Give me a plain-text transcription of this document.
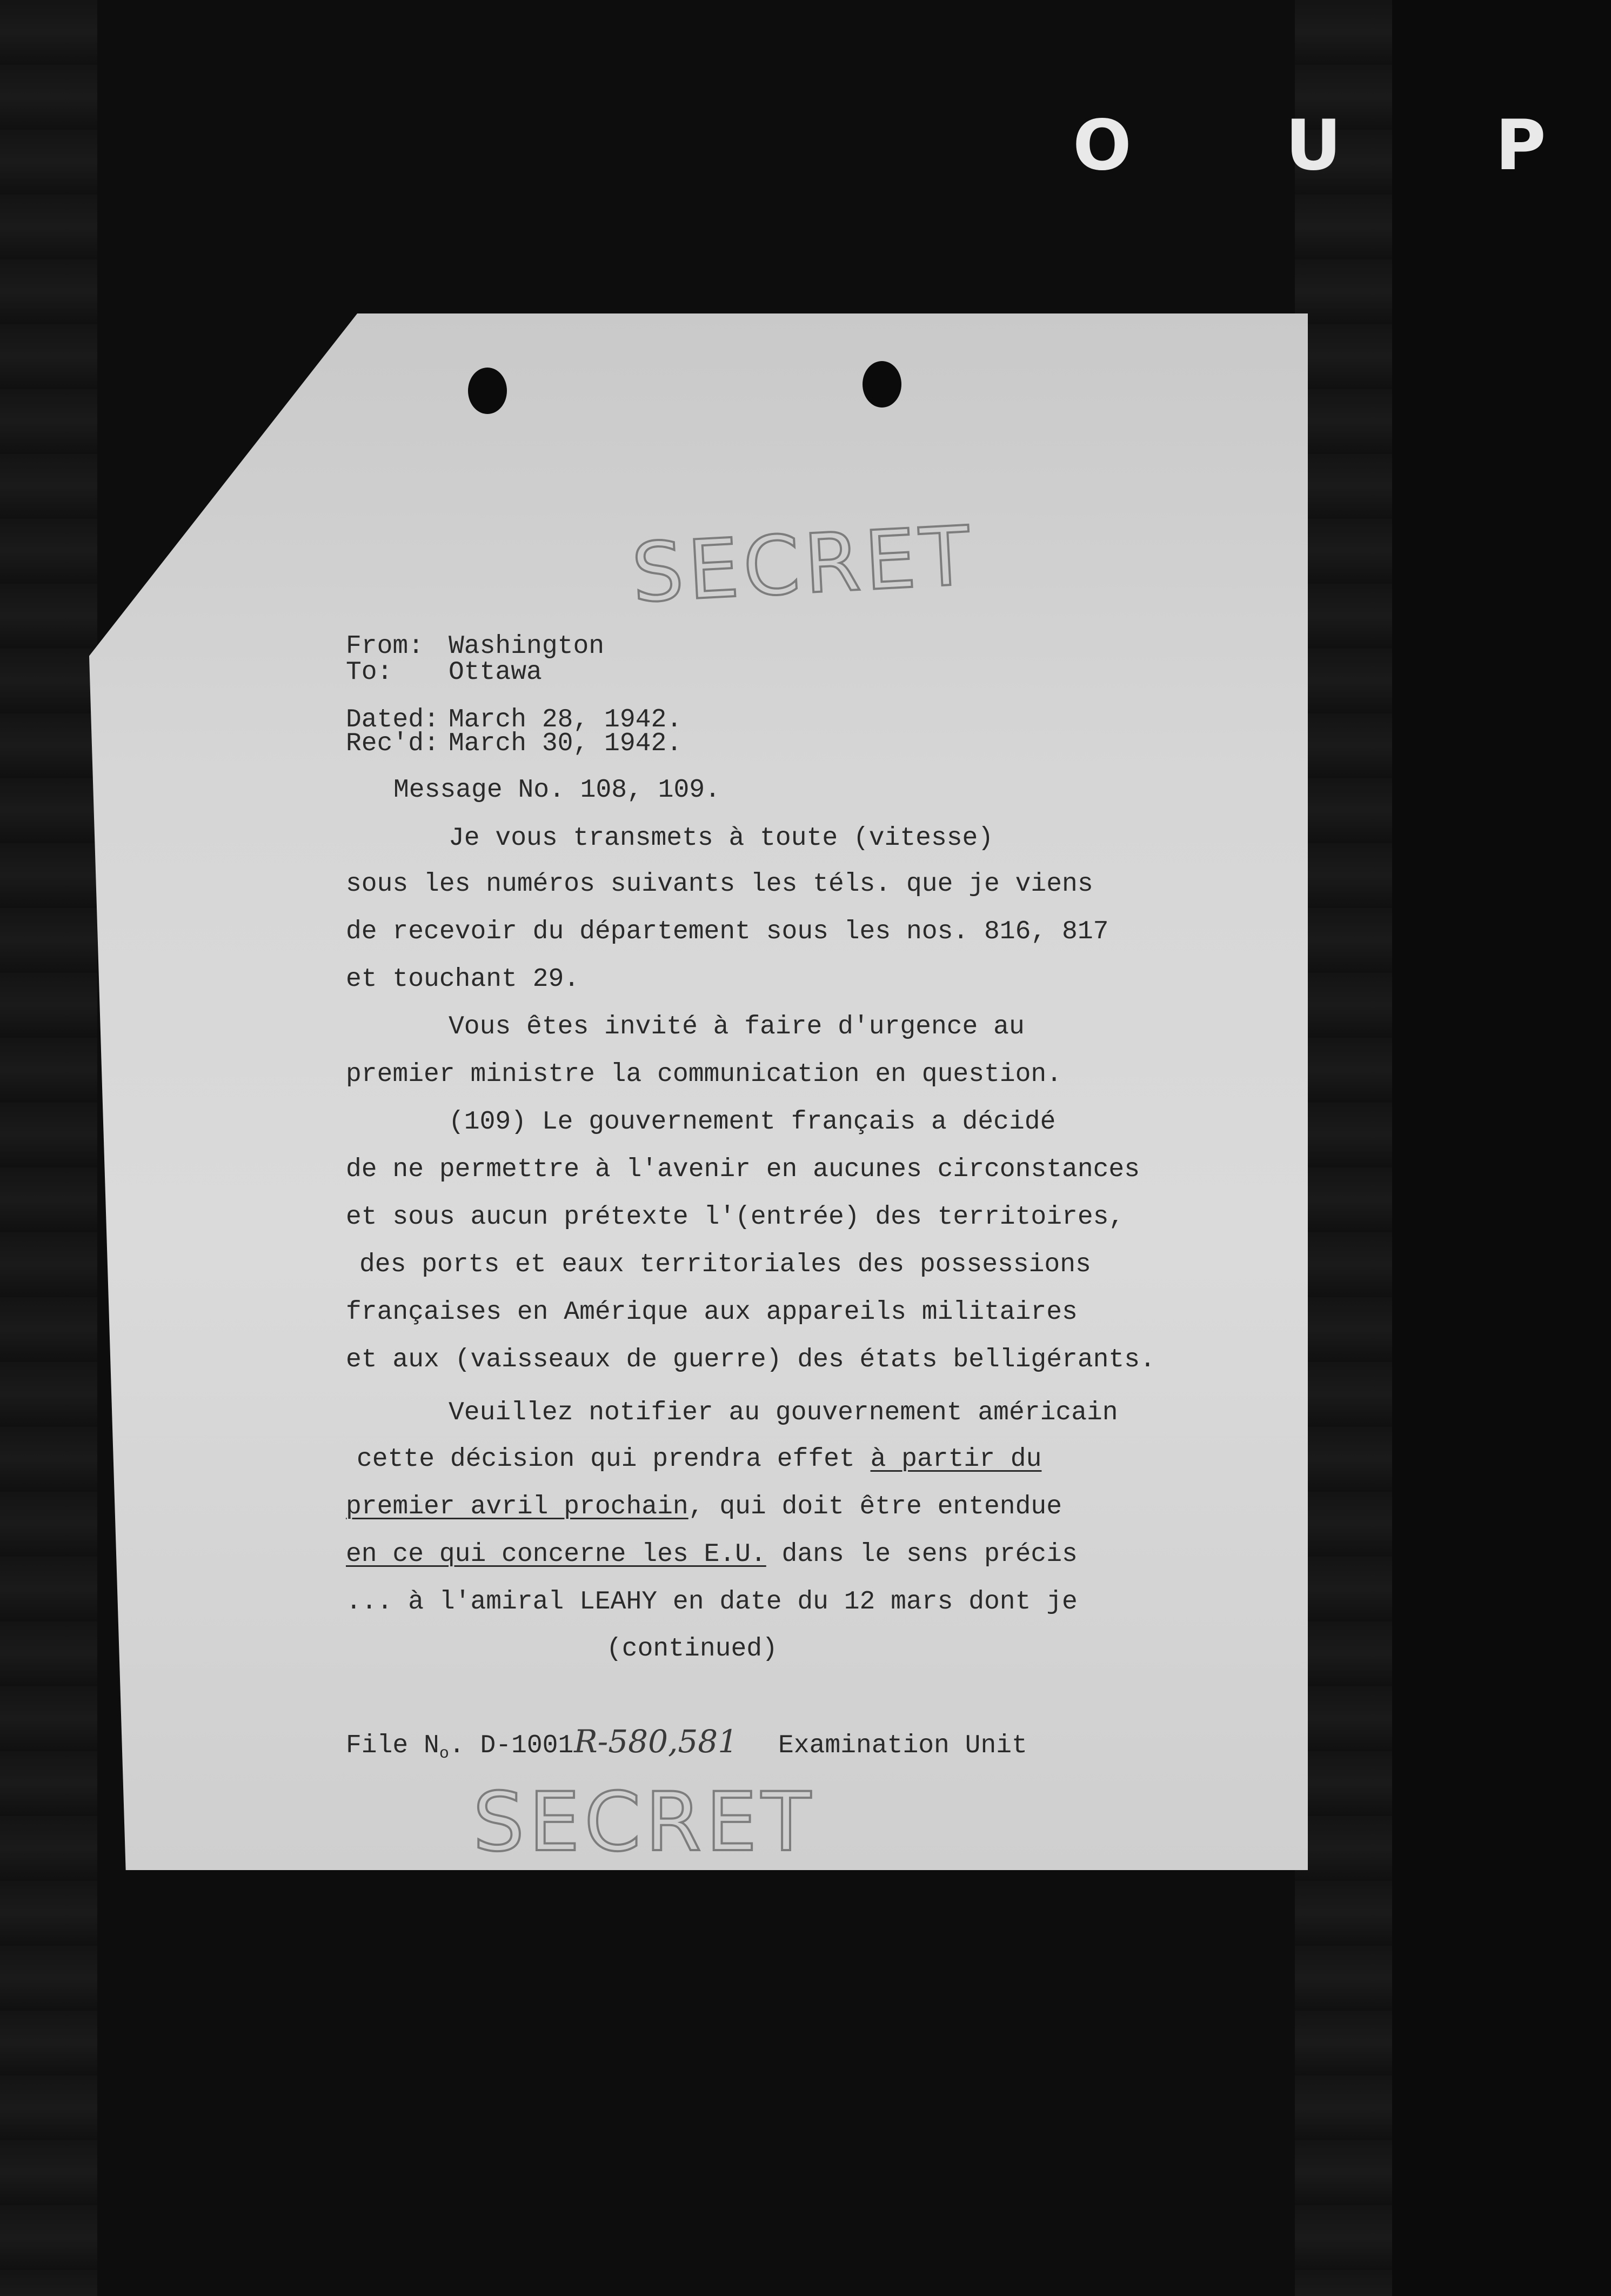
O U P
SECRET
From: Washington
To:	Ottawa
Dated: March 28, 1942.
Rec'd: March 30, 1942.
Message No. 108, 109.
Je vous transmets à toute (vitesse)
sous les numéros suivants les téls. que je viens
de recevoir du département sous les nos. 816, 817
et touchant 29.
Vous êtes invité à faire d'urgence au
premier ministre la communication en question.
(109) Le gouvernement français a décidé
de ne permettre à l'avenir en aucunes circonstances
et sous aucun prétexte l'(entrée) des territoires,
des ports et eaux territoriales des possessions
françaises en Amérique aux appareils militaires
et aux (vaisseaux de guerre) des états belligérants.
Veuillez notifier au gouvernement américain
cette décision qui prendra effet à partir du
premier avril prochain, qui doit être entendue
en ce qui concerne les E.U. dans le sens précis
... à l'amiral LEAHY en date du 12 mars dont je
(continued)
File $N_o$. D-1001 R-580,581 Examination Unit
SECRET
